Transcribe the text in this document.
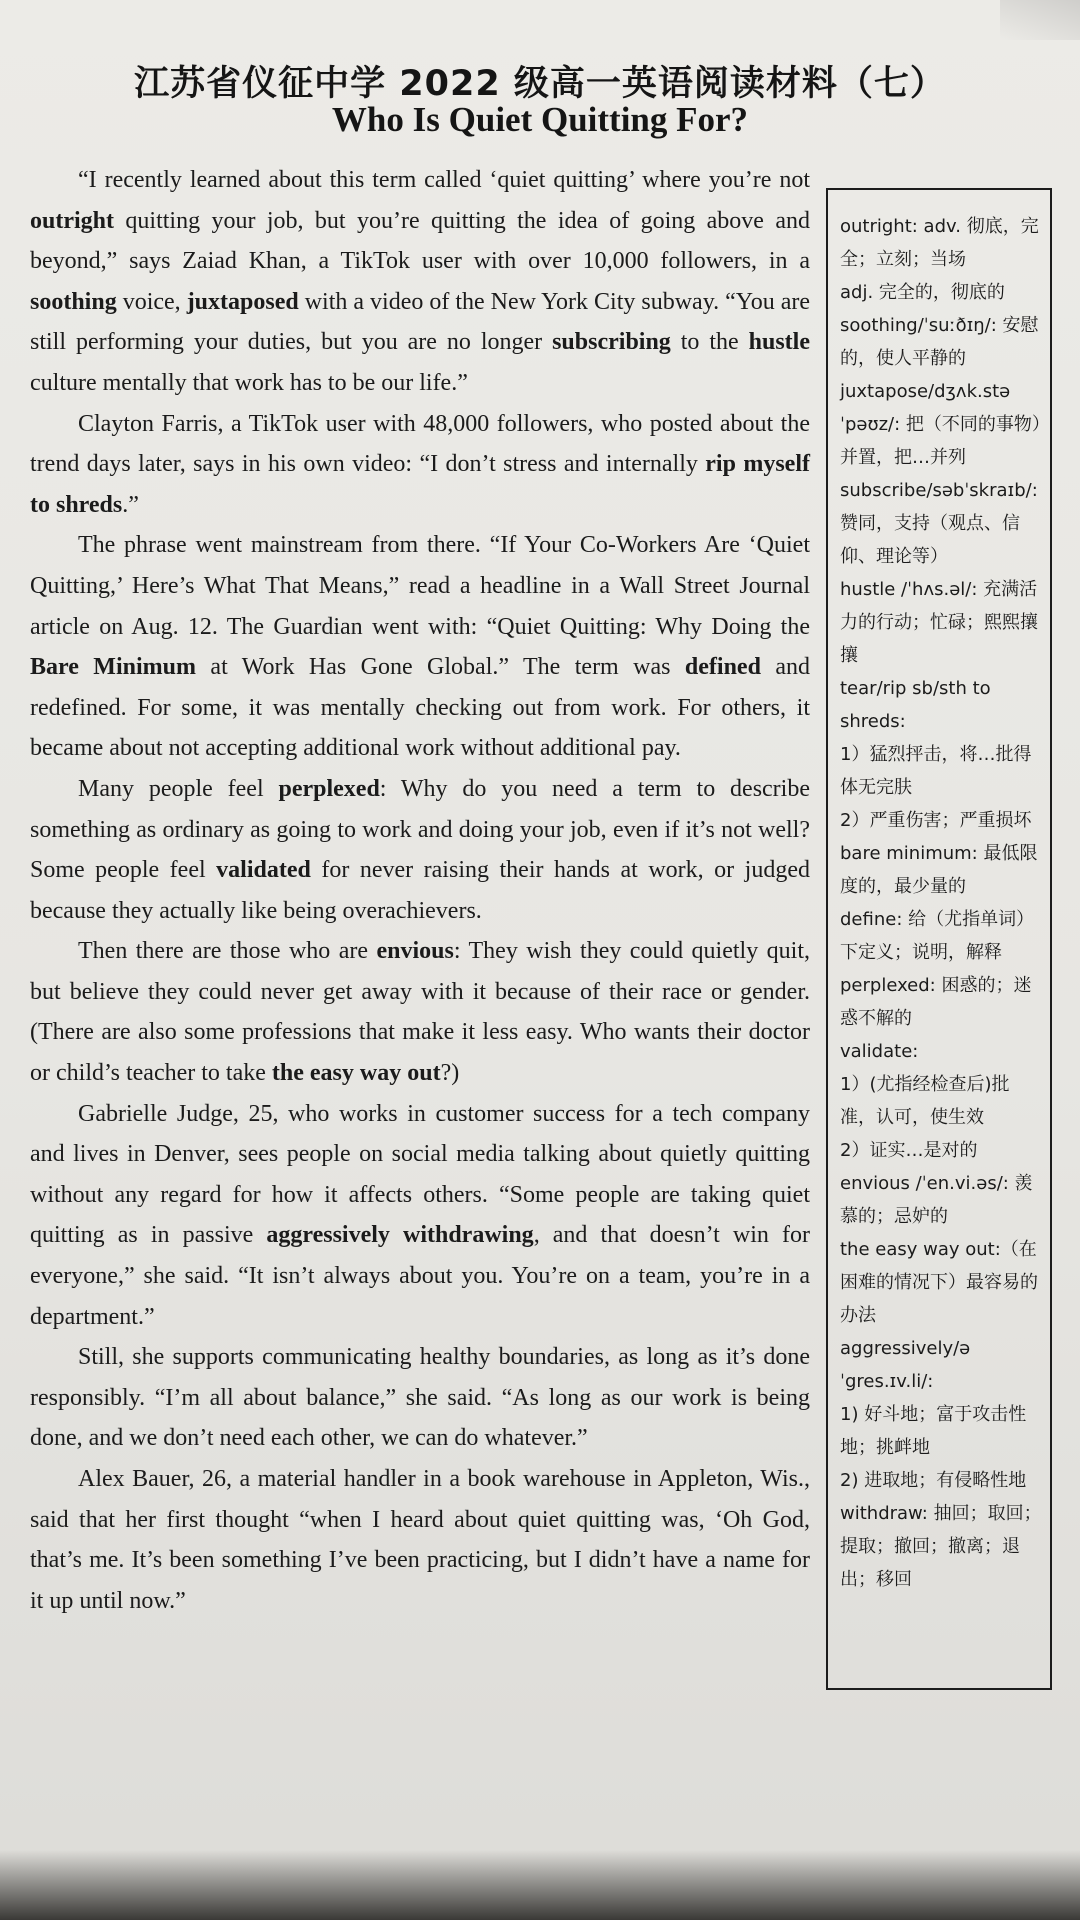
江苏省仪征中学 2022 级高一英语阅读材料（七）
Who Is Quiet Quitting For?

“I recently learned about this term called ‘quiet quitting’ where you’re not outright quitting your job, but you’re quitting the idea of going above and beyond,” says Zaiad Khan, a TikTok user with over 10,000 followers, in a soothing voice, juxtaposed with a video of the New York City subway. “You are still performing your duties, but you are no longer subscribing to the hustle culture mentally that work has to be our life.”

Clayton Farris, a TikTok user with 48,000 followers, who posted about the trend days later, says in his own video: “I don’t stress and internally rip myself to shreds.”

The phrase went mainstream from there. “If Your Co-Workers Are ‘Quiet Quitting,’ Here’s What That Means,” read a headline in a Wall Street Journal article on Aug. 12. The Guardian went with: “Quiet Quitting: Why Doing the Bare Minimum at Work Has Gone Global.” The term was defined and redefined. For some, it was mentally checking out from work. For others, it became about not accepting additional work without additional pay.

Many people feel perplexed: Why do you need a term to describe something as ordinary as going to work and doing your job, even if it’s not well? Some people feel validated for never raising their hands at work, or judged because they actually like being overachievers.

Then there are those who are envious: They wish they could quietly quit, but believe they could never get away with it because of their race or gender. (There are also some professions that make it less easy. Who wants their doctor or child’s teacher to take the easy way out?)

Gabrielle Judge, 25, who works in customer success for a tech company and lives in Denver, sees people on social media talking about quietly quitting without any regard for how it affects others. “Some people are taking quiet quitting as in passive aggressively withdrawing, and that doesn’t win for everyone,” she said. “It isn’t always about you. You’re on a team, you’re in a department.”

Still, she supports communicating healthy boundaries, as long as it’s done responsibly. “I’m all about balance,” she said. “As long as our work is being done, and we don’t need each other, we can do whatever.”

Alex Bauer, 26, a material handler in a book warehouse in Appleton, Wis., said that her first thought “when I heard about quiet quitting was, ‘Oh God, that’s me. It’s been something I’ve been practicing, but I didn’t have a name for it up until now.”

outright: adv. 彻底，完全；立刻；当场
adj. 完全的，彻底的
soothing/ˈsuːðɪŋ/: 安慰的，使人平静的
juxtapose/dʒʌk.stəˈpəʊz/: 把（不同的事物）并置，把…并列
subscribe/səbˈskraɪb/: 赞同，支持（观点、信仰、理论等）
hustle /ˈhʌs.əl/: 充满活力的行动；忙碌；熙熙攘攘
tear/rip sb/sth to shreds:
1）猛烈抨击，将…批得体无完肤
2）严重伤害；严重损坏
bare minimum: 最低限度的，最少量的
define: 给（尤指单词）下定义；说明，解释
perplexed: 困惑的；迷惑不解的
validate:
1）(尤指经检查后)批准，认可，使生效
2）证实…是对的
envious /ˈen.vi.əs/: 羡慕的；忌妒的
the easy way out:（在困难的情况下）最容易的办法
aggressively/əˈgres.ɪv.li/:
1) 好斗地；富于攻击性地；挑衅地
2) 进取地；有侵略性地
withdraw: 抽回；取回；提取；撤回；撤离；退出；移回
